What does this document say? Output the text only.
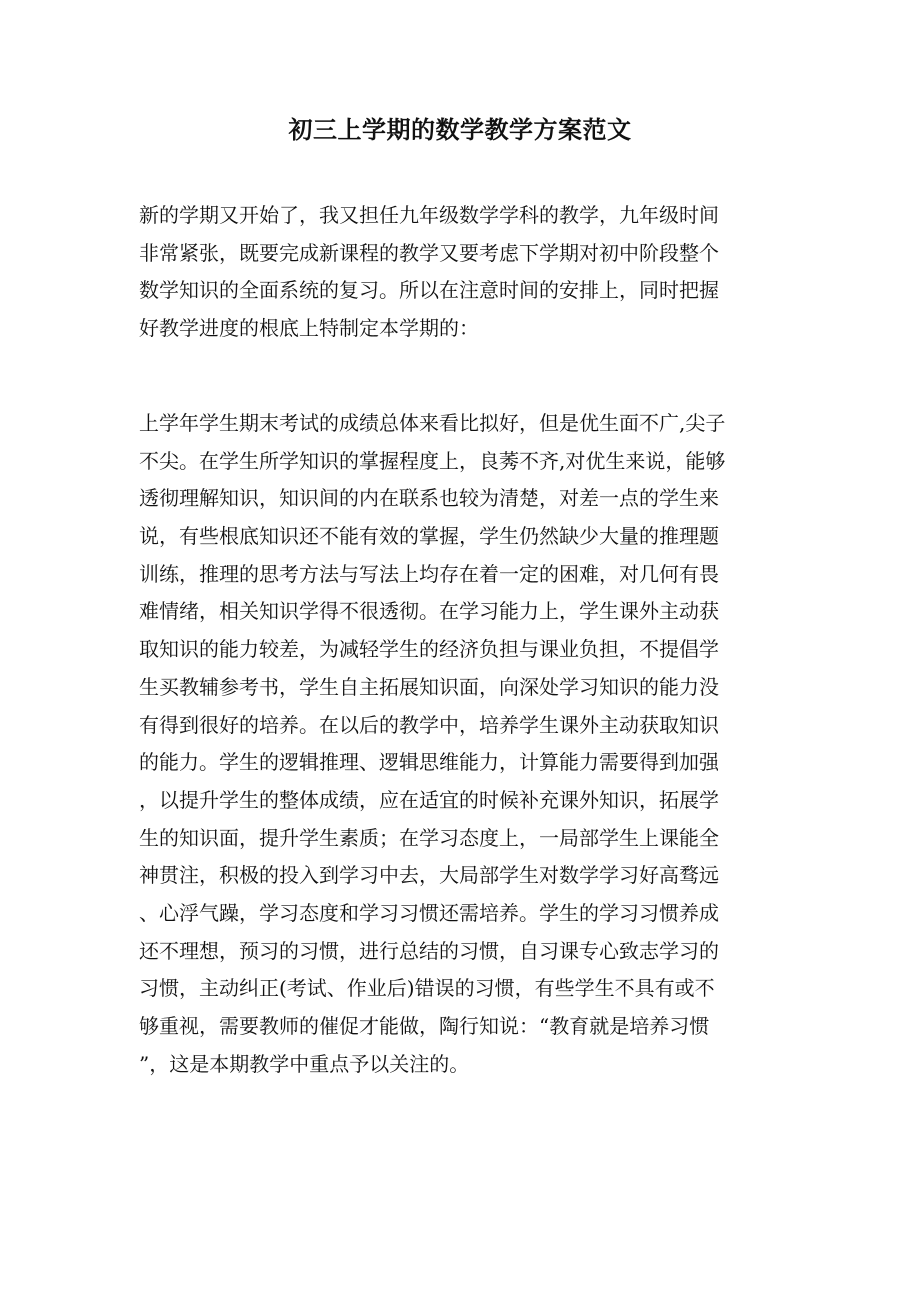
初三上学期的数学教学方案范文

新的学期又开始了，我又担任九年级数学学科的教学，九年级时间
非常紧张，既要完成新课程的教学又要考虑下学期对初中阶段整个
数学知识的全面系统的复习。所以在注意时间的安排上，同时把握
好教学进度的根底上特制定本学期的：

上学年学生期末考试的成绩总体来看比拟好，但是优生面不广,尖子
不尖。在学生所学知识的掌握程度上，良莠不齐,对优生来说，能够
透彻理解知识，知识间的内在联系也较为清楚，对差一点的学生来
说，有些根底知识还不能有效的掌握，学生仍然缺少大量的推理题
训练，推理的思考方法与写法上均存在着一定的困难，对几何有畏
难情绪，相关知识学得不很透彻。在学习能力上，学生课外主动获
取知识的能力较差，为减轻学生的经济负担与课业负担，不提倡学
生买教辅参考书，学生自主拓展知识面，向深处学习知识的能力没
有得到很好的培养。在以后的教学中，培养学生课外主动获取知识
的能力。学生的逻辑推理、逻辑思维能力，计算能力需要得到加强
，以提升学生的整体成绩，应在适宜的时候补充课外知识，拓展学
生的知识面，提升学生素质；在学习态度上，一局部学生上课能全
神贯注，积极的投入到学习中去，大局部学生对数学学习好高骛远
、心浮气躁，学习态度和学习习惯还需培养。学生的学习习惯养成
还不理想，预习的习惯，进行总结的习惯，自习课专心致志学习的
习惯，主动纠正(考试、作业后)错误的习惯，有些学生不具有或不
够重视，需要教师的催促才能做，陶行知说：“教育就是培养习惯
”，这是本期教学中重点予以关注的。
